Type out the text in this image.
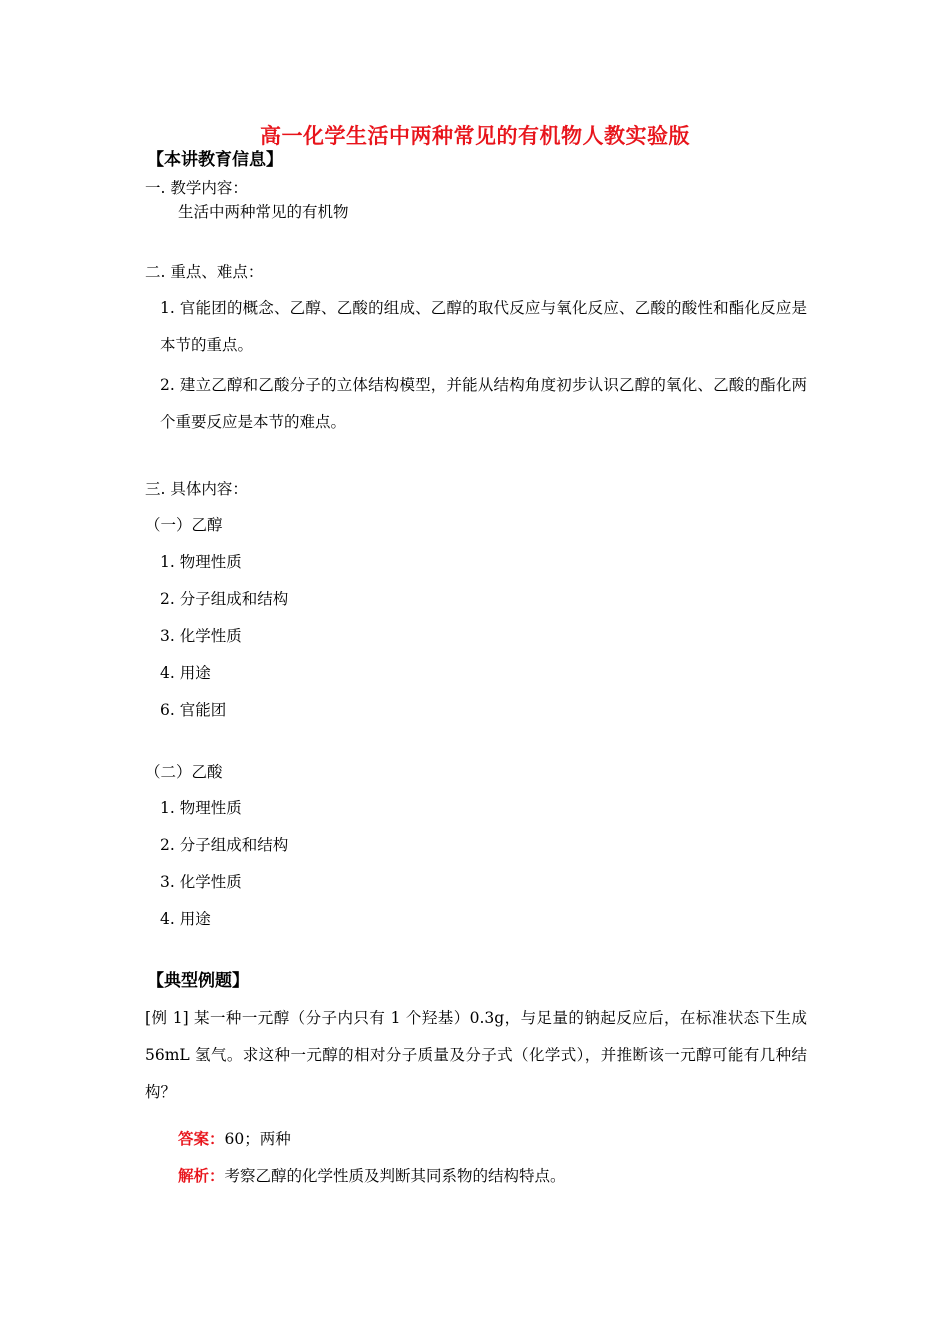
高一化学生活中两种常见的有机物人教实验版
【本讲教育信息】
一. 教学内容：
生活中两种常见的有机物
二. 重点、难点：
1. 官能团的概念、乙醇、乙酸的组成、乙醇的取代反应与氧化反应、乙酸的酸性和酯化反应是本节的重点。
2. 建立乙醇和乙酸分子的立体结构模型，并能从结构角度初步认识乙醇的氧化、乙酸的酯化两个重要反应是本节的难点。
三. 具体内容：
（一）乙醇
1. 物理性质
2. 分子组成和结构
3. 化学性质
4. 用途
6. 官能团
（二）乙酸
1. 物理性质
2. 分子组成和结构
3. 化学性质
4. 用途
【典型例题】
[例 1] 某一种一元醇（分子内只有 1 个羟基）0.3g，与足量的钠起反应后，在标准状态下生成 56mL 氢气。求这种一元醇的相对分子质量及分子式（化学式），并推断该一元醇可能有几种结构？
答案：60；两种
解析：考察乙醇的化学性质及判断其同系物的结构特点。
